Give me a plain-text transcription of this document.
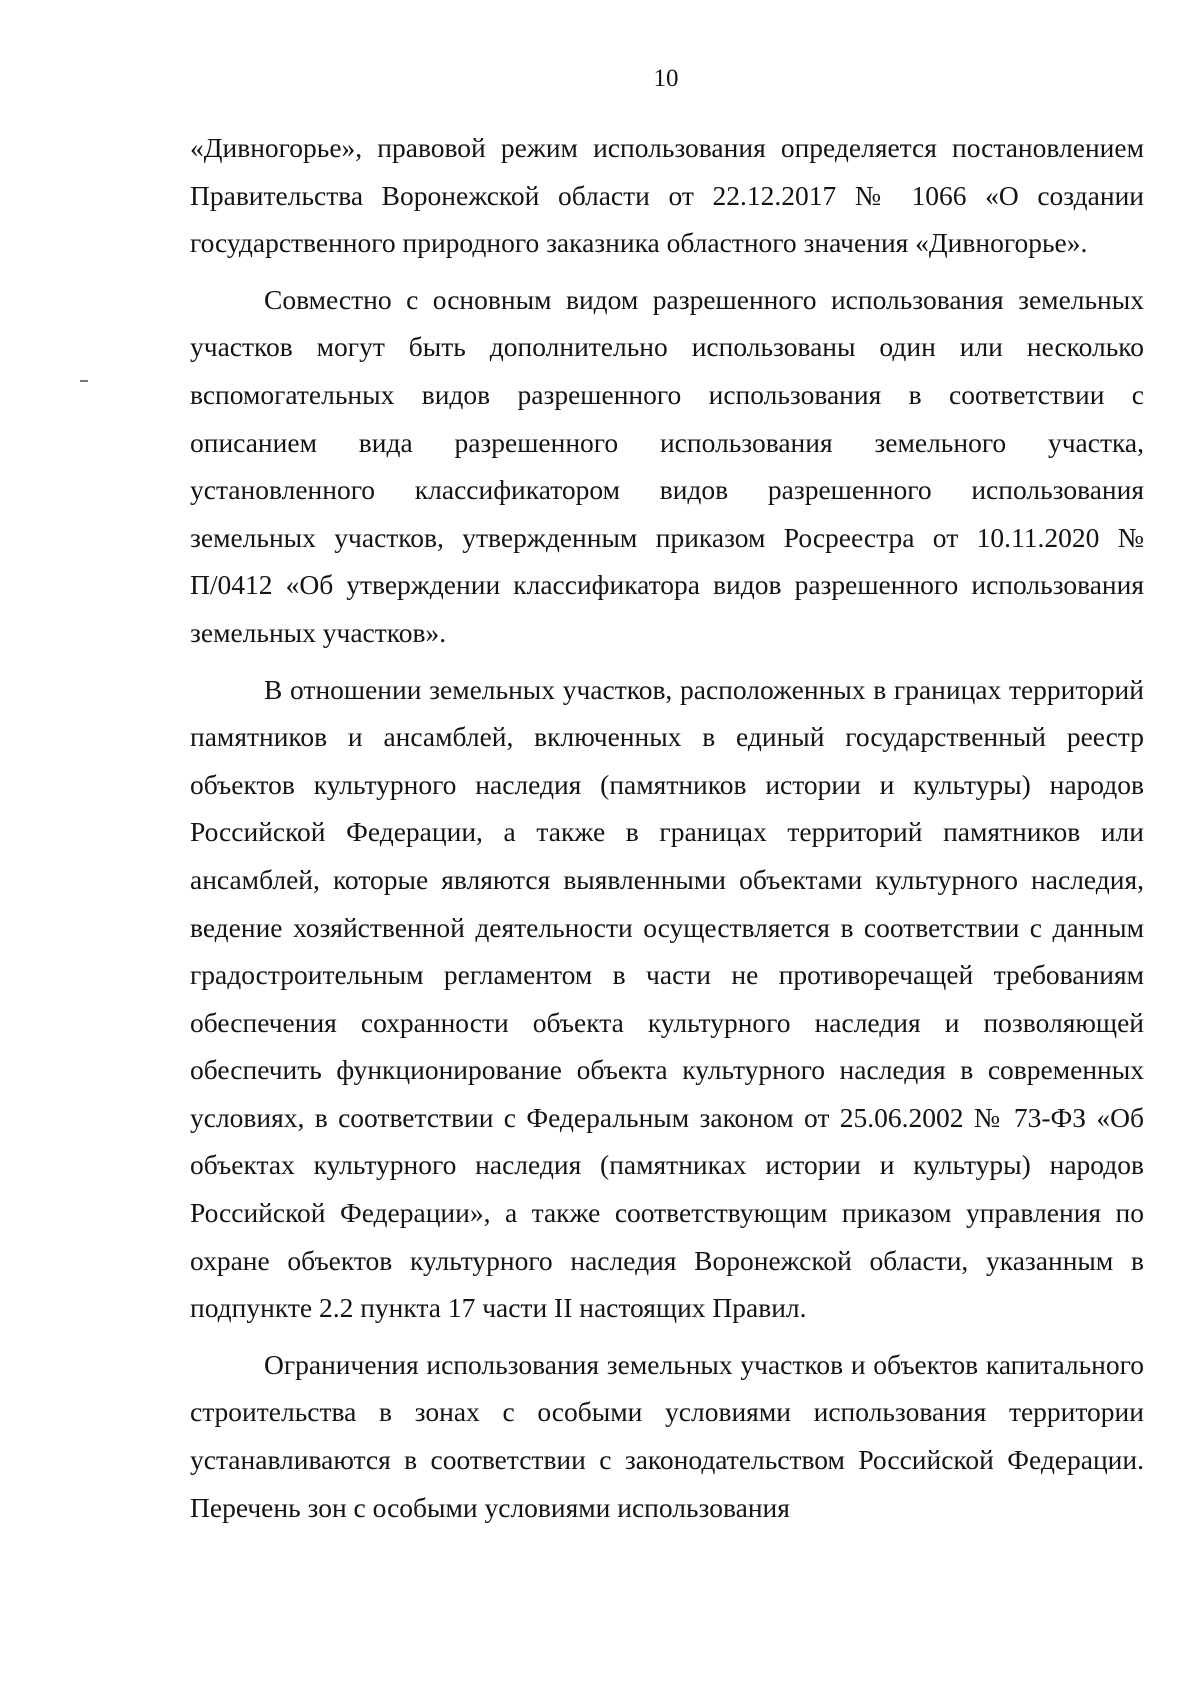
10

«Дивногорье», правовой режим использования определяется постановлением Правительства Воронежской области от 22.12.2017 № 1066 «О создании государственного природного заказника областного значения «Дивногорье».

Совместно с основным видом разрешенного использования земельных участков могут быть дополнительно использованы один или несколько вспомогательных видов разрешенного использования в соответствии с описанием вида разрешенного использования земельного участка, установленного классификатором видов разрешенного использования земельных участков, утвержденным приказом Росреестра от 10.11.2020 № П/0412 «Об утверждении классификатора видов разрешенного использования земельных участков».

В отношении земельных участков, расположенных в границах территорий памятников и ансамблей, включенных в единый государственный реестр объектов культурного наследия (памятников истории и культуры) народов Российской Федерации, а также в границах территорий памятников или ансамблей, которые являются выявленными объектами культурного наследия, ведение хозяйственной деятельности осуществляется в соответствии с данным градостроительным регламентом в части не противоречащей требованиям обеспечения сохранности объекта культурного наследия и позволяющей обеспечить функционирование объекта культурного наследия в современных условиях, в соответствии с Федеральным законом от 25.06.2002 № 73-ФЗ «Об объектах культурного наследия (памятниках истории и культуры) народов Российской Федерации», а также соответствующим приказом управления по охране объектов культурного наследия Воронежской области, указанным в подпункте 2.2 пункта 17 части II настоящих Правил.

Ограничения использования земельных участков и объектов капитального строительства в зонах с особыми условиями использования территории устанавливаются в соответствии с законодательством Российской Федерации. Перечень зон с особыми условиями использования
